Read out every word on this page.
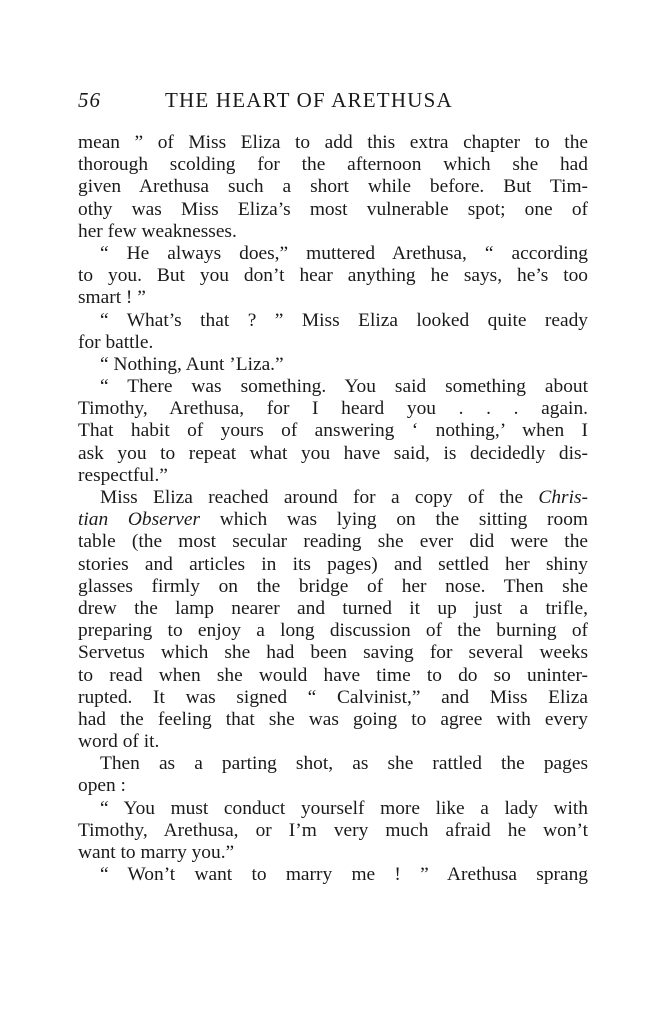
56	THE HEART OF ARETHUSA
mean ” of Miss Eliza to add this extra chapter to the
thorough scolding for the afternoon which she had
given Arethusa such a short while before. But Tim-
othy was Miss Eliza’s most vulnerable spot; one of
her few weaknesses.
“ He always does,” muttered Arethusa, “ according
to you. But you don’t hear anything he says, he’s too
smart ! ”
“ What’s that ? ” Miss Eliza looked quite ready
for battle.
“ Nothing, Aunt ’Liza.”
“ There was something. You said something about
Timothy, Arethusa, for I heard you . . . again.
That habit of yours of answering ‘ nothing,’ when I
ask you to repeat what you have said, is decidedly dis-
respectful.”
Miss Eliza reached around for a copy of the Chris-
tian Observer which was lying on the sitting room
table (the most secular reading she ever did were the
stories and articles in its pages) and settled her shiny
glasses firmly on the bridge of her nose. Then she
drew the lamp nearer and turned it up just a trifle,
preparing to enjoy a long discussion of the burning of
Servetus which she had been saving for several weeks
to read when she would have time to do so uninter-
rupted. It was signed “ Calvinist,” and Miss Eliza
had the feeling that she was going to agree with every
word of it.
Then as a parting shot, as she rattled the pages
open :
“ You must conduct yourself more like a lady with
Timothy, Arethusa, or I’m very much afraid he won’t
want to marry you.”
“ Won’t want to marry me ! ” Arethusa sprang
